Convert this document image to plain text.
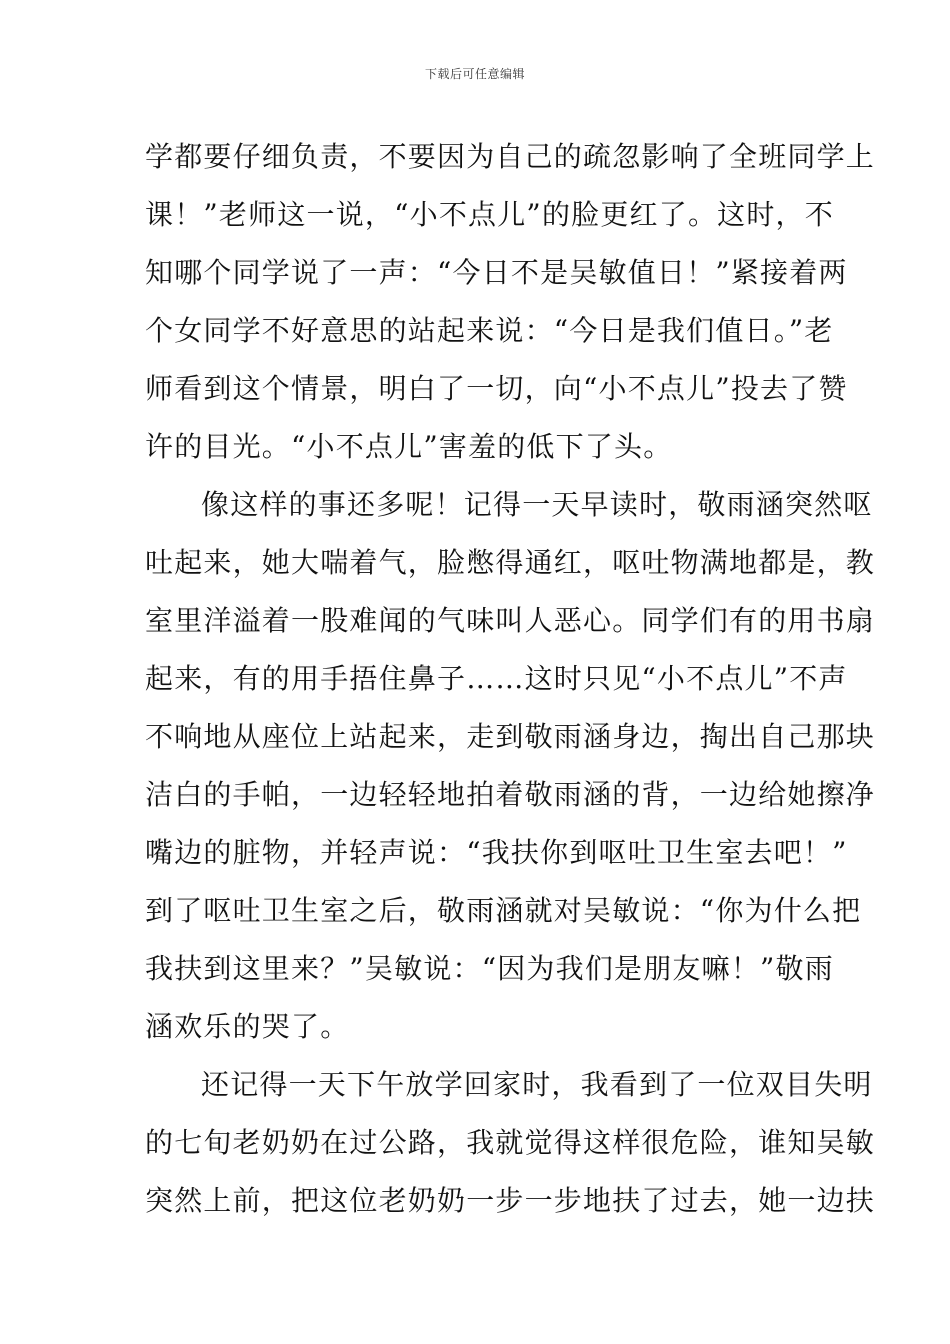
下载后可任意编辑
学都要仔细负责，不要因为自己的疏忽影响了全班同学上
课！”老师这一说，“小不点儿”的脸更红了。这时，不
知哪个同学说了一声：“今日不是吴敏值日！”紧接着两
个女同学不好意思的站起来说：“今日是我们值日。”老
师看到这个情景，明白了一切，向“小不点儿”投去了赞
许的目光。“小不点儿”害羞的低下了头。
像这样的事还多呢！记得一天早读时，敬雨涵突然呕
吐起来，她大喘着气，脸憋得通红，呕吐物满地都是，教
室里洋溢着一股难闻的气味叫人恶心。同学们有的用书扇
起来，有的用手捂住鼻子……这时只见“小不点儿”不声
不响地从座位上站起来，走到敬雨涵身边，掏出自己那块
洁白的手帕，一边轻轻地拍着敬雨涵的背，一边给她擦净
嘴边的脏物，并轻声说：“我扶你到呕吐卫生室去吧！”
到了呕吐卫生室之后，敬雨涵就对吴敏说：“你为什么把
我扶到这里来？”吴敏说：“因为我们是朋友嘛！”敬雨
涵欢乐的哭了。
还记得一天下午放学回家时，我看到了一位双目失明
的七旬老奶奶在过公路，我就觉得这样很危险，谁知吴敏
突然上前，把这位老奶奶一步一步地扶了过去，她一边扶
